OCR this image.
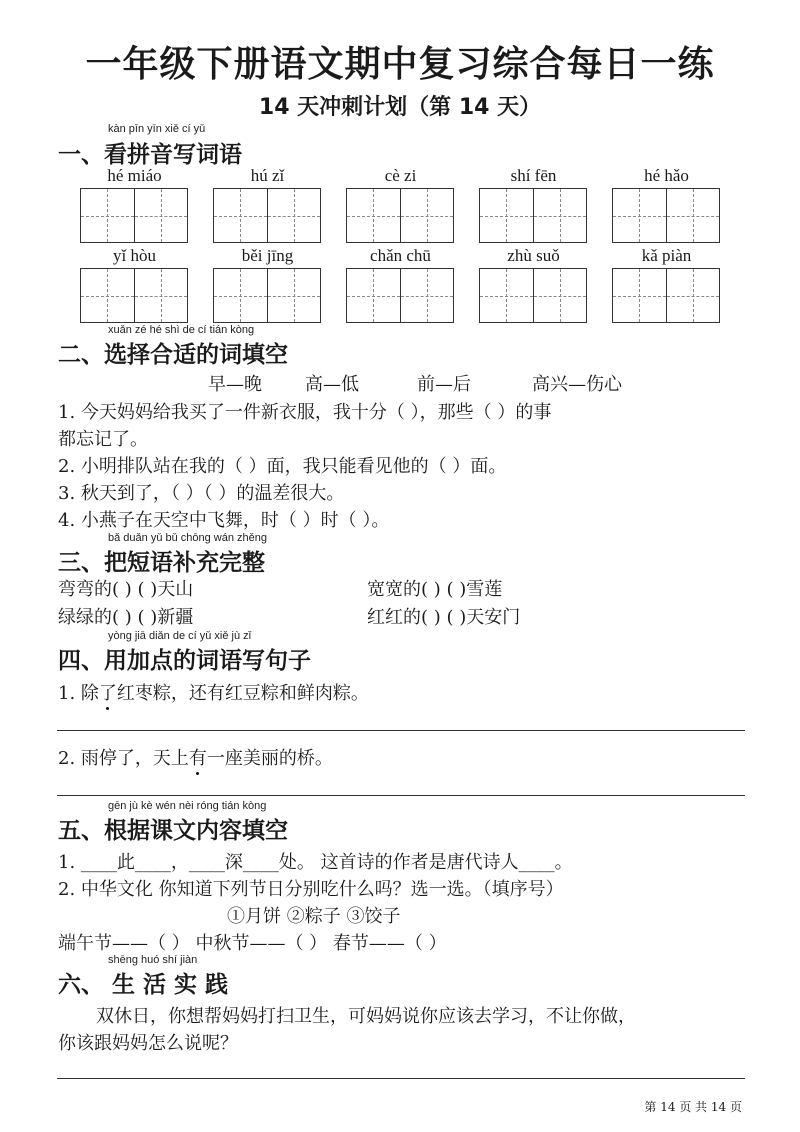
一年级下册语文期中复习综合每日一练
14 天冲刺计划（第 14 天）
kàn pīn yīn xiě cí yǔ
一、看拼音写词语
hé miáo	hú zǐ	cè zi	shí fēn	hé hǎo
yǐ hòu	běi jīng	chǎn chū	zhù suǒ	kǎ piàn
xuǎn zé hé shì de cí tián kòng
二、选择合适的词填空
早—晚 高—低	前—后	高兴—伤心
1. 今天妈妈给我买了一件新衣服，我十分（ ），那些（ ）的事
都忘记了。
2. 小明排队站在我的（ ）面，我只能看见他的（ ）面。
3. 秋天到了，（ ）（ ）的温差很大。
4. 小燕子在天空中飞舞，时（ ）时（ ）。
bǎ duǎn yǔ bǔ chōng wán zhěng
三、把短语补充完整
弯弯的( ) ( )天山	宽宽的( ) ( )雪莲
绿绿的( ) ( )新疆	红红的( ) ( )天安门
yòng jiā diǎn de cí yǔ xiě jù zǐ
四、用加点的词语写句子
1. 除了红枣粽，还有红豆粽和鲜肉粽。
2. 雨停了，天上有一座美丽的桥。
gēn jù kè wén nèi róng tián kòng
五、根据课文内容填空
1. ____此____，____深____处。 这首诗的作者是唐代诗人____。
2. 中华文化 你知道下列节日分别吃什么吗？选一选。（填序号）
①月饼 ②粽子 ③饺子
端午节——（ ） 中秋节——（ ） 春节——（ ）
shēng huó shí jiàn
六、 生 活 实 践
双休日，你想帮妈妈打扫卫生，可妈妈说你应该去学习，不让你做，
你该跟妈妈怎么说呢？
第 14 页 共 14 页
